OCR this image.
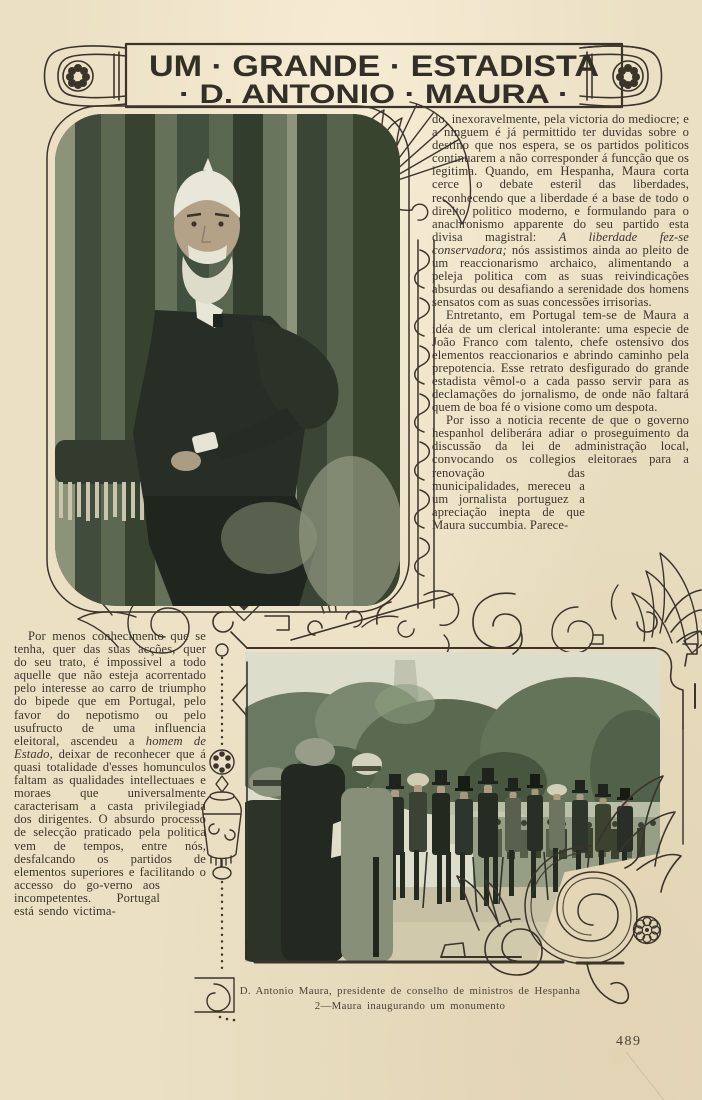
UM · GRANDE · ESTADISTA
· D. ANTONIO · MAURA ·

do, inexoravelmente, pela victoria do mediocre; e a ninguem é já permittido ter duvidas sobre o destino que nos espera, se os partidos politicos continuarem a não corresponder á funcção que os legitima. Quando, em Hespanha, Maura corta cerce o debate esteril das liberdades, reconhecendo que a liberdade é a base de todo o direito politico moderno, e formulando para o anachronismo apparente do seu partido esta divisa magistral: A liberdade fez-se conservadora; nós assistimos ainda ao pleito de um reaccionarismo archaico, alimentando a peleja politica com as suas reivindicações absurdas ou desafiando a serenidade dos homens sensatos com as suas concessões irrisorias.

Entretanto, em Portugal tem-se de Maura a idéa de um clerical intolerante: uma especie de João Franco com talento, chefe ostensivo dos elementos reaccionarios e abrindo caminho pela prepotencia. Esse retrato desfigurado do grande estadista vêmol-o a cada passo servir para as declamações do jornalismo, de onde não faltará quem de boa fé o visione como um despota.

Por isso a noticia recente de que o governo hespanhol deliberára adiar o proseguimento da discussão da lei de administração local, convocando os collegios eleitoraes para a renovação das
municipalidades, mereceu a um jornalista portuguez a apreciação inepta de que Maura succumbia. Parece-

Por menos conhecimento que se tenha, quer das suas acções, quer do seu trato, é impossivel a todo aquelle que não esteja acorrentado pelo interesse ao carro de triumpho do bipede que em Portugal, pelo favor do nepotismo ou pelo usufructo de uma influencia eleitoral, ascendeu a homem de Estado, deixar de reconhecer que á quasi totalidade d'esses homunculos faltam as qualidades intellectuaes e moraes que universalmente caracterisam a casta privilegiada dos dirigentes. O absurdo processo de selecção praticado pela politica vem de tempos, entre nós, desfalcando os partidos de elementos superiores e facilitando o accesso do go-
verno aos incompetentes. Portugal está sendo victima-

D. Antonio Maura, presidente de conselho de ministros de Hespanha
2—Maura inaugurando um monumento
489
